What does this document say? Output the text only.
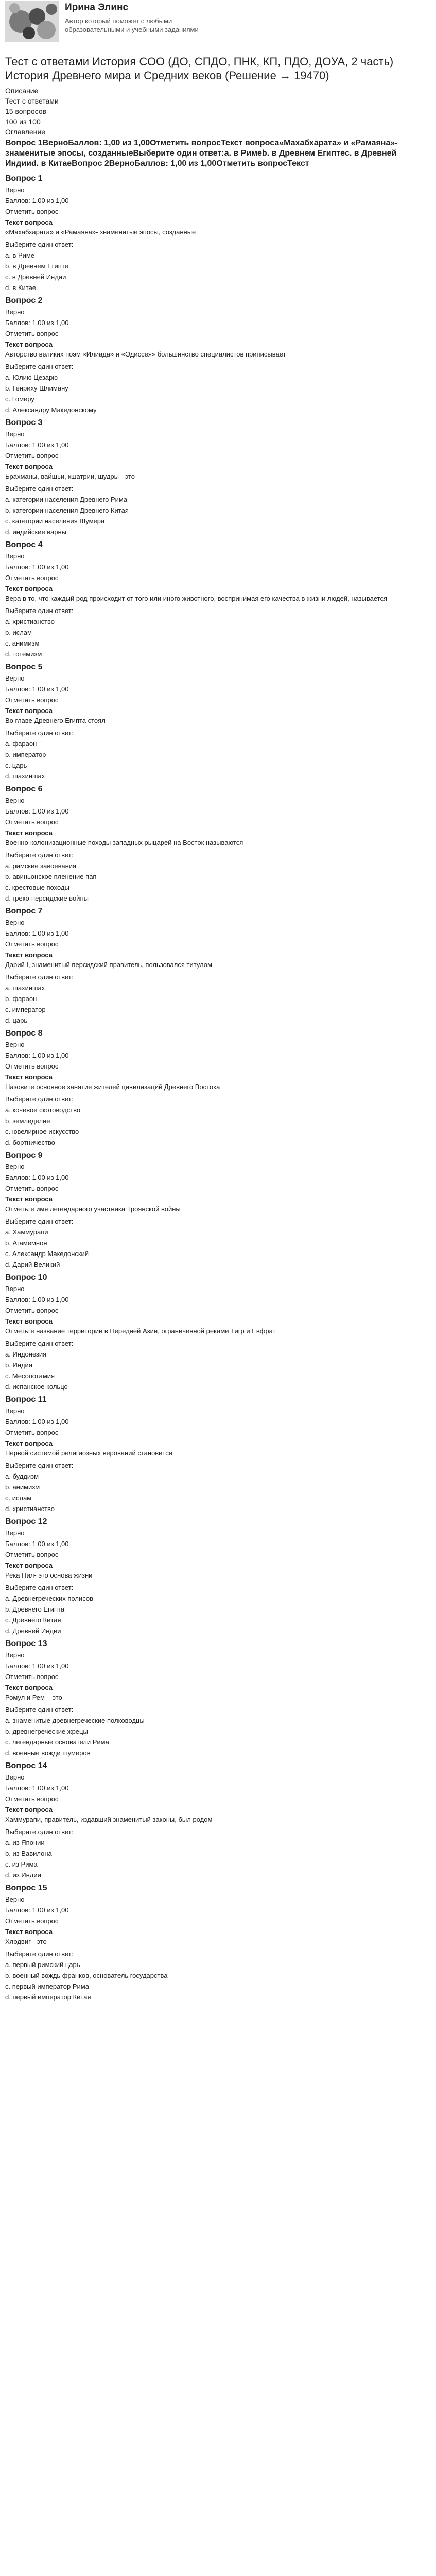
Ирина Элинс
Автор который поможет с любыми образовательными и учебными заданиями
Тест с ответами История СОО (ДО, СПДО, ПНК, КП, ПДО, ДОУА, 2 часть) История Древнего мира и Средних веков (Решение → 19470)
Описание
Тест с ответами
15 вопросов
100 из 100
Оглавление
Вопрос 1ВерноБаллов: 1,00 из 1,00Отметить вопросТекст вопроса«Махабхарата» и «Рамаяна»- знаменитые эпосы, созданныеВыберите один ответ:a. в Римеb. в Древнем Египтеc. в Древней Индииd. в КитаеВопрос 2ВерноБаллов: 1,00 из 1,00Отметить вопросТекст
Вопрос 1
Верно
Баллов: 1,00 из 1,00
Отметить вопрос
Текст вопроса
«Махабхарата» и «Рамаяна»- знаменитые эпосы, созданные
Выберите один ответ:
a. в Риме
b. в Древнем Египте
c. в Древней Индии
d. в Китае
Вопрос 2
Верно
Баллов: 1,00 из 1,00
Отметить вопрос
Текст вопроса
Авторство великих поэм «Илиада» и «Одиссея» большинство специалистов приписывает
Выберите один ответ:
a. Юлию Цезарю
b. Генриху Шлиману
c. Гомеру
d. Александру Македонскому
Вопрос 3
Верно
Баллов: 1,00 из 1,00
Отметить вопрос
Текст вопроса
Брахманы, вайшьи, кшатрии, шудры - это
Выберите один ответ:
a. категории населения Древнего Рима
b. категории населения Древнего Китая
c. категории населения Шумера
d. индийские варны
Вопрос 4
Верно
Баллов: 1,00 из 1,00
Отметить вопрос
Текст вопроса
Вера в то, что каждый род происходит от того или иного животного, воспринимая его качества в жизни людей, называется
Выберите один ответ:
a. христианство
b. ислам
c. анимизм
d. тотемизм
Вопрос 5
Верно
Баллов: 1,00 из 1,00
Отметить вопрос
Текст вопроса
Во главе Древнего Египта стоял
Выберите один ответ:
a. фараон
b. император
c. царь
d. шахиншах
Вопрос 6
Верно
Баллов: 1,00 из 1,00
Отметить вопрос
Текст вопроса
Военно-колонизационные походы западных рыцарей на Восток называются
Выберите один ответ:
a. римские завоевания
b. авиньонское пленение пап
c. крестовые походы
d. греко-персидские войны
Вопрос 7
Верно
Баллов: 1,00 из 1,00
Отметить вопрос
Текст вопроса
Дарий I, знаменитый персидский правитель, пользовался титулом
Выберите один ответ:
a. шахиншах
b. фараон
c. император
d. царь
Вопрос 8
Верно
Баллов: 1,00 из 1,00
Отметить вопрос
Текст вопроса
Назовите основное занятие жителей цивилизаций Древнего Востока
Выберите один ответ:
a. кочевое скотоводство
b. земледелие
c. ювелирное искусство
d. бортничество
Вопрос 9
Верно
Баллов: 1,00 из 1,00
Отметить вопрос
Текст вопроса
Отметьте имя легендарного участника Троянской войны
Выберите один ответ:
a. Хаммурапи
b. Агамемнон
c. Александр Македонский
d. Дарий Великий
Вопрос 10
Верно
Баллов: 1,00 из 1,00
Отметить вопрос
Текст вопроса
Отметьте название территории в Передней Азии, ограниченной реками Тигр и Евфрат
Выберите один ответ:
a. Индонезия
b. Индия
c. Месопотамия
d. испанское кольцо
Вопрос 11
Верно
Баллов: 1,00 из 1,00
Отметить вопрос
Текст вопроса
Первой системой религиозных верований становится
Выберите один ответ:
a. буддизм
b. анимизм
c. ислам
d. христианство
Вопрос 12
Верно
Баллов: 1,00 из 1,00
Отметить вопрос
Текст вопроса
Река Нил- это основа жизни
Выберите один ответ:
a. Древнегреческих полисов
b. Древнего Египта
c. Древнего Китая
d. Древней Индии
Вопрос 13
Верно
Баллов: 1,00 из 1,00
Отметить вопрос
Текст вопроса
Ромул и Рем – это
Выберите один ответ:
a. знаменитые древнегреческие полководцы
b. древнегреческие жрецы
c. легендарные основатели Рима
d. военные вожди шумеров
Вопрос 14
Верно
Баллов: 1,00 из 1,00
Отметить вопрос
Текст вопроса
Хаммурапи, правитель, издавший знаменитый законы, был родом
Выберите один ответ:
a. из Японии
b. из Вавилона
c. из Рима
d. из Индии
Вопрос 15
Верно
Баллов: 1,00 из 1,00
Отметить вопрос
Текст вопроса
Хлодвиг - это
Выберите один ответ:
a. первый римский царь
b. военный вождь франков, основатель государства
c. первый император Рима
d. первый император Китая
